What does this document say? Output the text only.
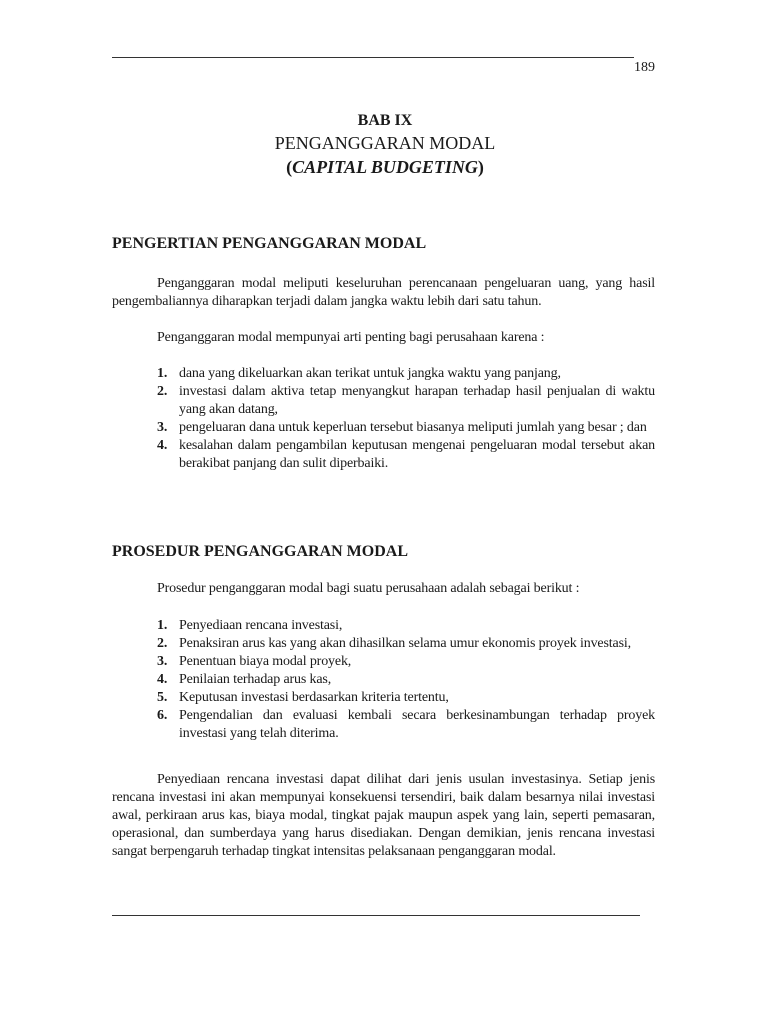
189
BAB IX
PENGANGGARAN MODAL
(CAPITAL BUDGETING)
PENGERTIAN PENGANGGARAN MODAL
Penganggaran modal meliputi keseluruhan perencanaan pengeluaran uang, yang hasil pengembaliannya diharapkan terjadi dalam jangka waktu lebih dari satu tahun.
Penganggaran modal mempunyai arti penting bagi perusahaan karena :
1. dana yang dikeluarkan akan terikat untuk jangka waktu yang panjang,
2. investasi dalam aktiva tetap menyangkut harapan terhadap hasil penjualan di waktu yang akan datang,
3. pengeluaran dana untuk keperluan tersebut biasanya meliputi jumlah yang besar ; dan
4. kesalahan dalam pengambilan keputusan mengenai pengeluaran modal tersebut akan berakibat panjang dan sulit diperbaiki.
PROSEDUR PENGANGGARAN MODAL
Prosedur penganggaran modal bagi suatu perusahaan adalah sebagai berikut :
1. Penyediaan rencana investasi,
2. Penaksiran arus kas yang akan dihasilkan selama umur ekonomis proyek investasi,
3. Penentuan biaya modal proyek,
4. Penilaian terhadap arus kas,
5. Keputusan investasi berdasarkan kriteria tertentu,
6. Pengendalian dan evaluasi kembali secara berkesinambungan terhadap proyek investasi yang telah diterima.
Penyediaan rencana investasi dapat dilihat dari jenis usulan investasinya. Setiap jenis rencana investasi ini akan mempunyai konsekuensi tersendiri, baik dalam besarnya nilai investasi awal, perkiraan arus kas, biaya modal, tingkat pajak maupun aspek yang lain, seperti pemasaran, operasional, dan sumberdaya yang harus disediakan. Dengan demikian, jenis rencana investasi sangat berpengaruh terhadap tingkat intensitas pelaksanaan penganggaran modal.
